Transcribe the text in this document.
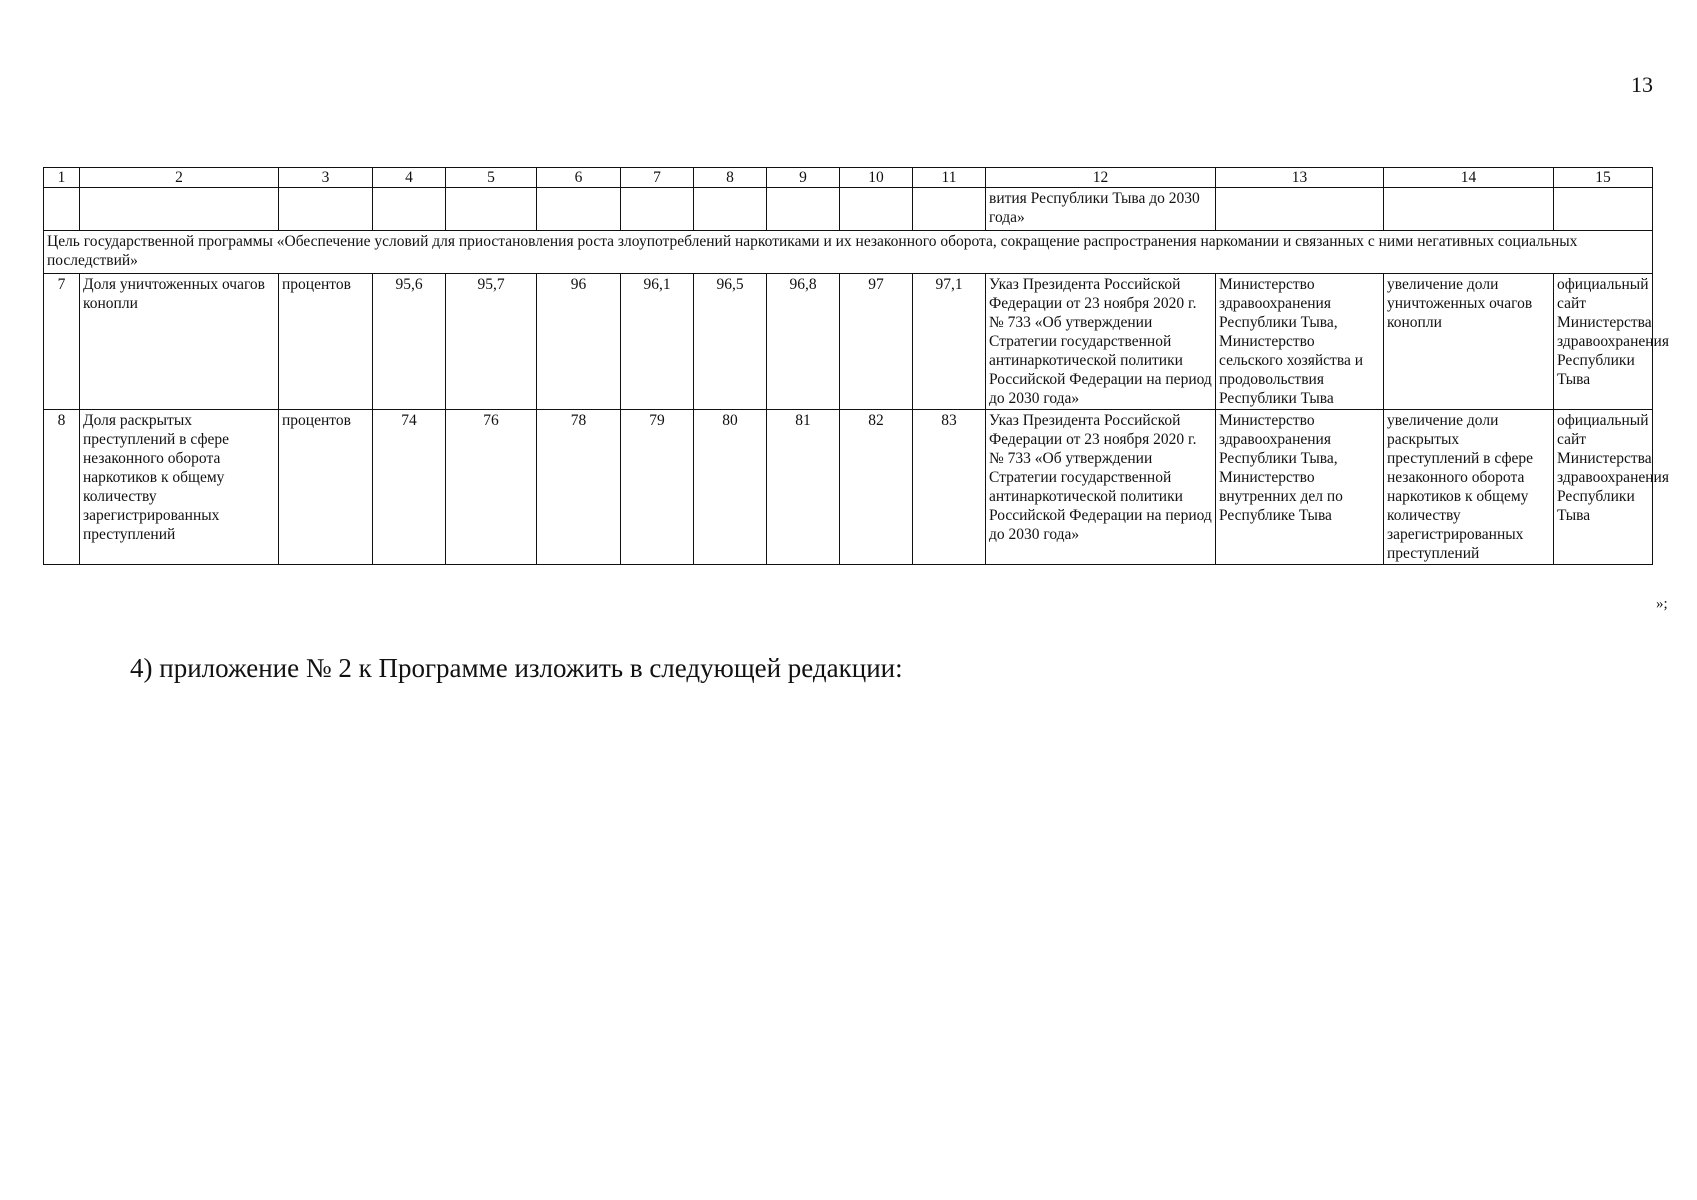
13
1	2	3	4	5	6	7	8	9	10	11	12	13	14	15
											вития Республики Тыва до 2030 года»			
Цель государственной программы «Обеспечение условий для приостановления роста злоупотреблений наркотиками и их незаконного оборота, сокращение распространения наркомании и связанных с ними негативных социальных последствий»														
7	Доля уничтоженных очагов конопли	процентов	95,6	95,7	96	96,1	96,5	96,8	97	97,1	Указ Президента Российской Федерации от 23 ноября 2020 г. № 733 «Об утверждении Стратегии государственной антинаркотической политики Российской Федерации на период до 2030 года»	Министерство здравоохранения Республики Тыва, Министерство сельского хозяйства и продовольствия Республики Тыва	увеличение доли уничтоженных очагов конопли	официальный сайт Министерства здравоохранения Республики Тыва
8	Доля раскрытых преступлений в сфере незаконного оборота наркотиков к общему количеству зарегистрированных преступлений	процентов	74	76	78	79	80	81	82	83	Указ Президента Российской Федерации от 23 ноября 2020 г. № 733 «Об утверждении Стратегии государственной антинаркотической политики Российской Федерации на период до 2030 года»	Министерство здравоохранения Республики Тыва, Министерство внутренних дел по Республике Тыва	увеличение доли раскрытых преступлений в сфере незаконного оборота наркотиков к общему количеству зарегистрированных преступлений	официальный сайт Министерства здравоохранения Республики Тыва
»;
4) приложение № 2 к Программе изложить в следующей редакции:
